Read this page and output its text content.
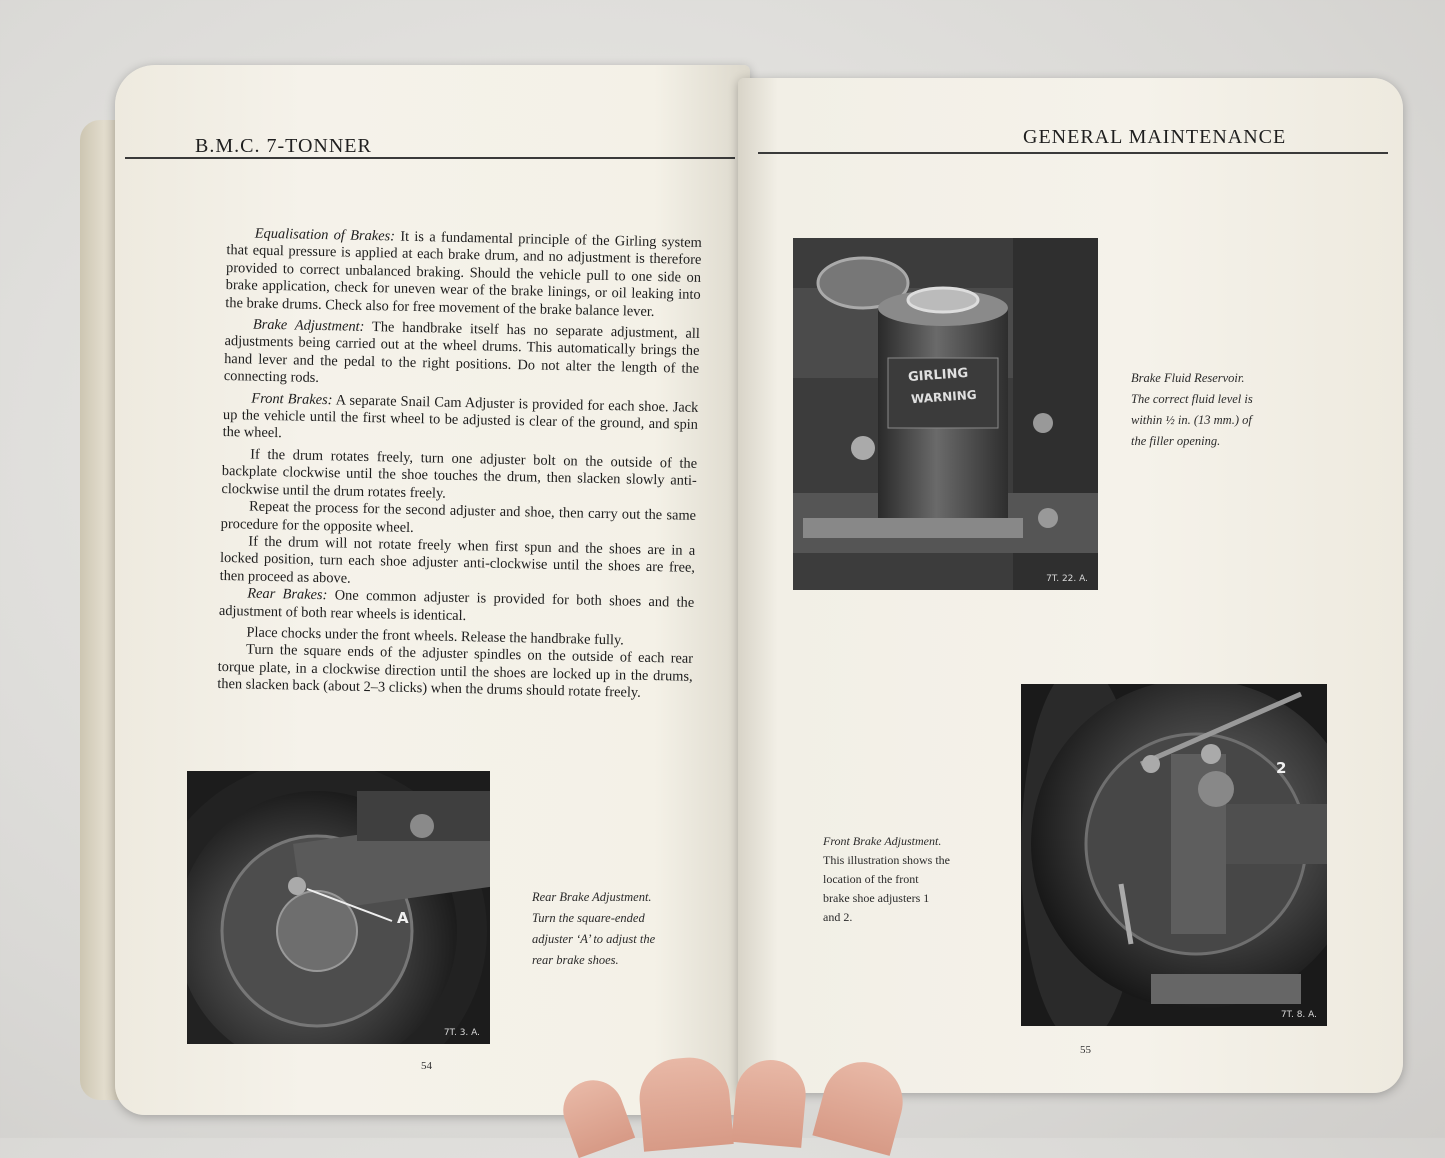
B.M.C. 7-TONNER

Equalisation of Brakes: It is a fundamental principle of the Girling system that equal pressure is applied at each brake drum, and no adjustment is therefore provided to correct unbalanced braking. Should the vehicle pull to one side on brake application, check for uneven wear of the brake linings, or oil leaking into the brake drums. Check also for free movement of the brake balance lever.

Brake Adjustment: The handbrake itself has no separate adjustment, all adjustments being carried out at the wheel drums. This automatically brings the hand lever and the pedal to the right positions. Do not alter the length of the connecting rods.

Front Brakes: A separate Snail Cam Adjuster is provided for each shoe. Jack up the vehicle until the first wheel to be adjusted is clear of the ground, and spin the wheel.

If the drum rotates freely, turn one adjuster bolt on the outside of the backplate clockwise until the shoe touches the drum, then slacken slowly anti-clockwise until the drum rotates freely.

Repeat the process for the second adjuster and shoe, then carry out the same procedure for the opposite wheel.

If the drum will not rotate freely when first spun and the shoes are in a locked position, turn each shoe adjuster anti-clockwise until the shoes are free, then proceed as above.

Rear Brakes: One common adjuster is provided for both shoes and the adjustment of both rear wheels is identical.

Place chocks under the front wheels. Release the handbrake fully.

Turn the square ends of the adjuster spindles on the outside of each rear torque plate, in a clockwise direction until the shoes are locked up in the drums, then slacken back (about 2–3 clicks) when the drums should rotate freely.

A
7T. 3. A.
Rear Brake Adjustment.
Turn the square-ended
adjuster ‘A’ to adjust the
rear brake shoes.
54
GENERAL MAINTENANCE
GIRLING
WARNING
7T. 22. A.
Brake Fluid Reservoir.
The correct fluid level is
within ½ in. (13 mm.) of
the filler opening.
2
7T. 8. A.
Front Brake Adjustment.
This illustration shows the
location of the front
brake shoe adjusters 1
and 2.
55
